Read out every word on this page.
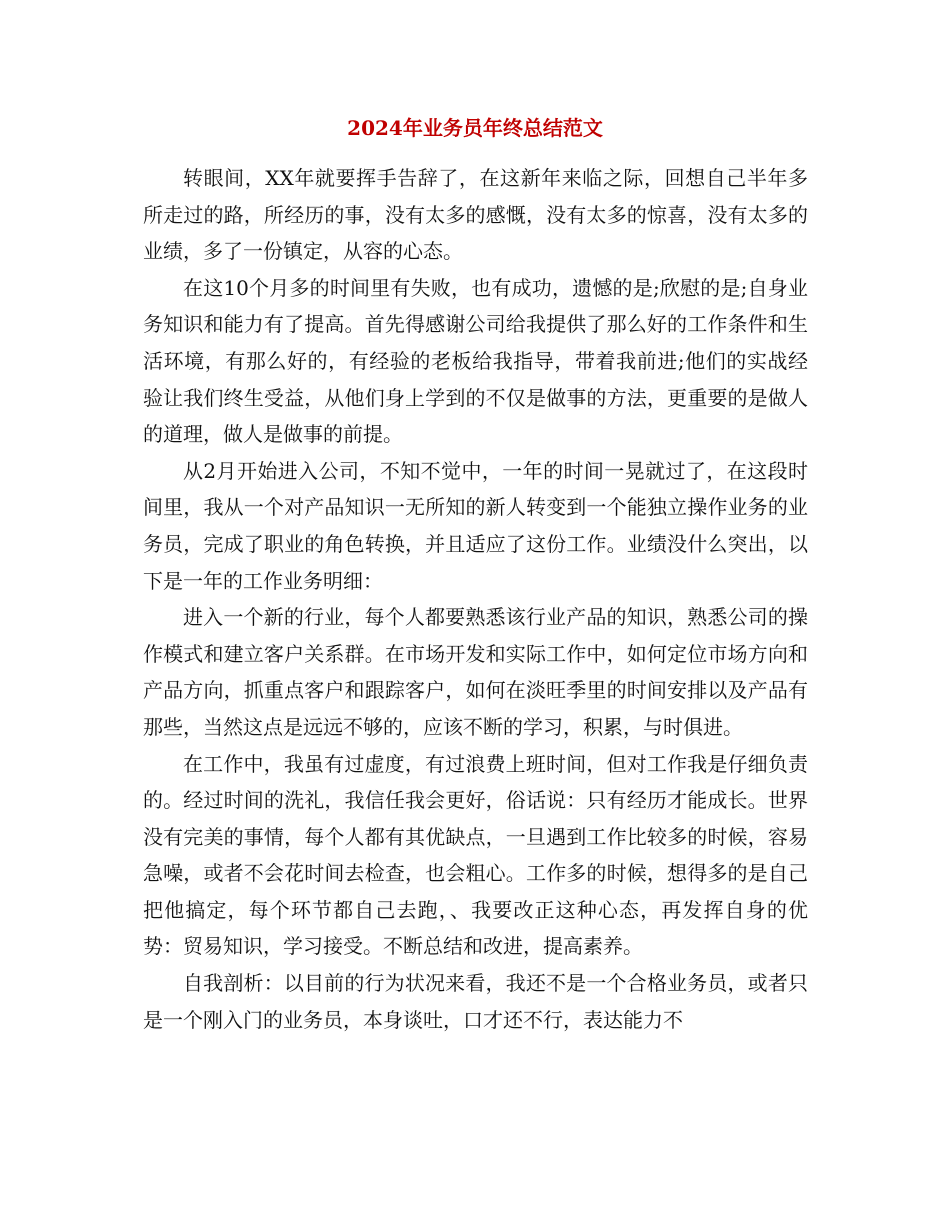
2024年业务员年终总结范文

转眼间，XX年就要挥手告辞了，在这新年来临之际，回想自己半年多所走过的路，所经历的事，没有太多的感慨，没有太多的惊喜，没有太多的业绩，多了一份镇定，从容的心态。

在这10个月多的时间里有失败，也有成功，遗憾的是;欣慰的是;自身业务知识和能力有了提高。首先得感谢公司给我提供了那么好的工作条件和生活环境，有那么好的，有经验的老板给我指导，带着我前进;他们的实战经验让我们终生受益，从他们身上学到的不仅是做事的方法，更重要的是做人的道理，做人是做事的前提。

从2月开始进入公司，不知不觉中，一年的时间一晃就过了，在这段时间里，我从一个对产品知识一无所知的新人转变到一个能独立操作业务的业务员，完成了职业的角色转换，并且适应了这份工作。业绩没什么突出，以下是一年的工作业务明细：

进入一个新的行业，每个人都要熟悉该行业产品的知识，熟悉公司的操作模式和建立客户关系群。在市场开发和实际工作中，如何定位市场方向和产品方向，抓重点客户和跟踪客户，如何在淡旺季里的时间安排以及产品有那些，当然这点是远远不够的，应该不断的学习，积累，与时俱进。

在工作中，我虽有过虚度，有过浪费上班时间，但对工作我是仔细负责的。经过时间的洗礼，我信任我会更好，俗话说：只有经历才能成长。世界没有完美的事情，每个人都有其优缺点，一旦遇到工作比较多的时候，容易急噪，或者不会花时间去检查，也会粗心。工作多的时候，想得多的是自己把他搞定，每个环节都自己去跑，、我要改正这种心态，再发挥自身的优势：贸易知识，学习接受。不断总结和改进，提高素养。

自我剖析：以目前的行为状况来看，我还不是一个合格业务员，或者只是一个刚入门的业务员，本身谈吐，口才还不行，表达能力不
